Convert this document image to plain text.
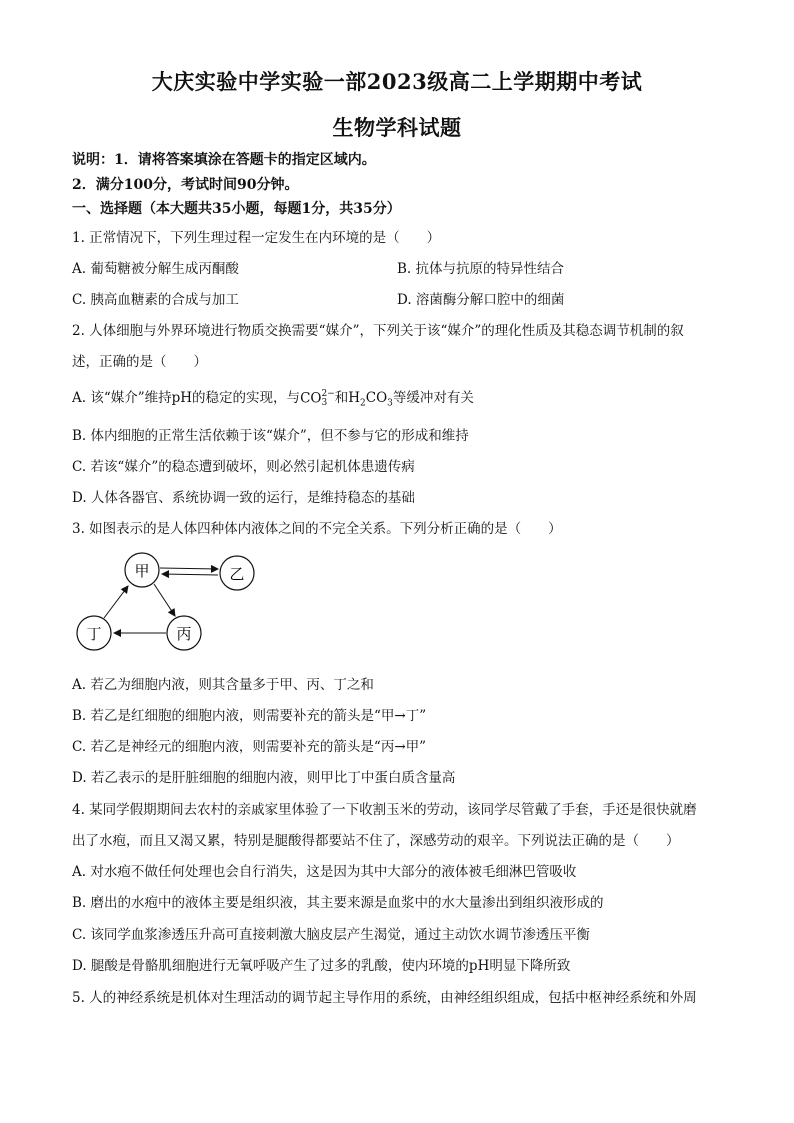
大庆实验中学实验一部2023级高二上学期期中考试
生物学科试题
说明：1．请将答案填涂在答题卡的指定区域内。
2．满分100分，考试时间90分钟。
一、选择题（本大题共35小题，每题1分，共35分）
1. 正常情况下，下列生理过程一定发生在内环境的是（　　）
A. 葡萄糖被分解生成丙酮酸	B. 抗体与抗原的特异性结合
C. 胰高血糖素的合成与加工	D. 溶菌酶分解口腔中的细菌
2. 人体细胞与外界环境进行物质交换需要“媒介”，下列关于该“媒介”的理化性质及其稳态调节机制的叙
述，正确的是（　　）
A. 该“媒介”维持pH的稳定的实现，与CO 2−
3 和$H_2CO_3$等缓冲对有关
B. 体内细胞的正常生活依赖于该“媒介”，但不参与它的形成和维持
C. 若该“媒介”的稳态遭到破坏，则必然引起机体患遗传病
D. 人体各器官、系统协调一致的运行，是维持稳态的基础
3. 如图表示的是人体四种体内液体之间的不完全关系。下列分析正确的是（　　）
甲	乙
丁	丙
A. 若乙为细胞内液，则其含量多于甲、丙、丁之和
B. 若乙是红细胞的细胞内液，则需要补充的箭头是“甲→丁”
C. 若乙是神经元的细胞内液，则需要补充的箭头是“丙→甲”
D. 若乙表示的是肝脏细胞的细胞内液，则甲比丁中蛋白质含量高
4. 某同学假期期间去农村的亲戚家里体验了一下收割玉米的劳动，该同学尽管戴了手套，手还是很快就磨
出了水疱，而且又渴又累，特别是腿酸得都要站不住了，深感劳动的艰辛。下列说法正确的是（　　）
A. 对水疱不做任何处理也会自行消失，这是因为其中大部分的液体被毛细淋巴管吸收
B. 磨出的水疱中的液体主要是组织液，其主要来源是血浆中的水大量渗出到组织液形成的
C. 该同学血浆渗透压升高可直接刺激大脑皮层产生渴觉，通过主动饮水调节渗透压平衡
D. 腿酸是骨骼肌细胞进行无氧呼吸产生了过多的乳酸，使内环境的pH明显下降所致
5. 人的神经系统是机体对生理活动的调节起主导作用的系统，由神经组织组成，包括中枢神经系统和外周
